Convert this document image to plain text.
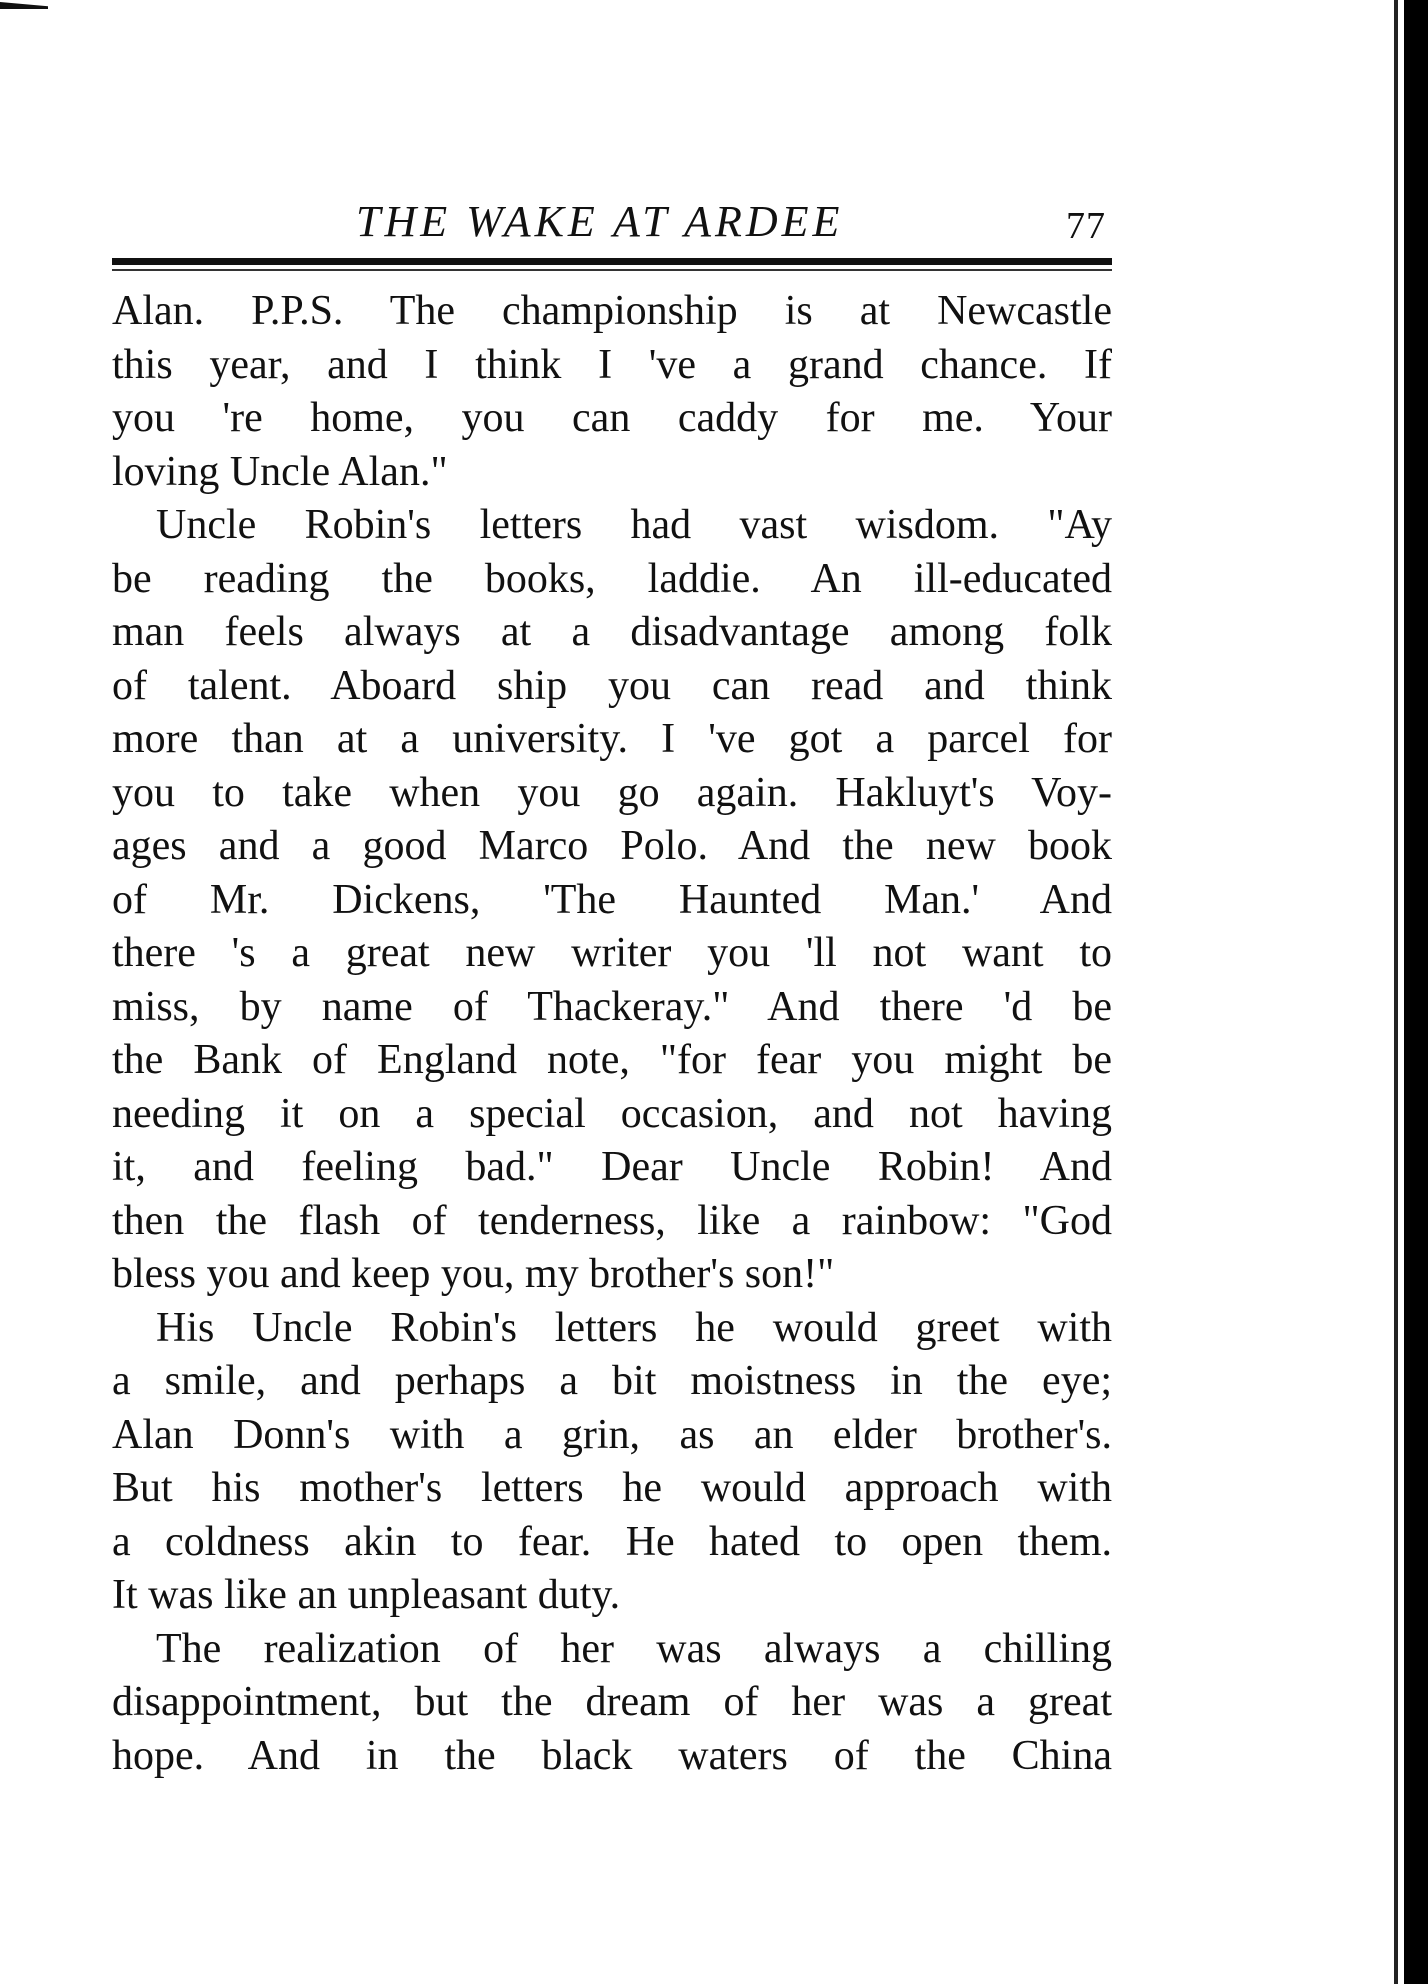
THE WAKE AT ARDEE	77
Alan. P.P.S. The championship is at Newcastle
this year, and I think I 've a grand chance. If
you 're home, you can caddy for me. Your
loving Uncle Alan."
Uncle Robin's letters had vast wisdom. "Ay
be reading the books, laddie. An ill-educated
man feels always at a disadvantage among folk
of talent. Aboard ship you can read and think
more than at a university. I 've got a parcel for
you to take when you go again. Hakluyt's Voy-
ages and a good Marco Polo. And the new book
of Mr. Dickens, 'The Haunted Man.' And
there 's a great new writer you 'll not want to
miss, by name of Thackeray." And there 'd be
the Bank of England note, "for fear you might be
needing it on a special occasion, and not having
it, and feeling bad." Dear Uncle Robin! And
then the flash of tenderness, like a rainbow: "God
bless you and keep you, my brother's son!"
His Uncle Robin's letters he would greet with
a smile, and perhaps a bit moistness in the eye;
Alan Donn's with a grin, as an elder brother's.
But his mother's letters he would approach with
a coldness akin to fear. He hated to open them.
It was like an unpleasant duty.
The realization of her was always a chilling
disappointment, but the dream of her was a great
hope. And in the black waters of the China
